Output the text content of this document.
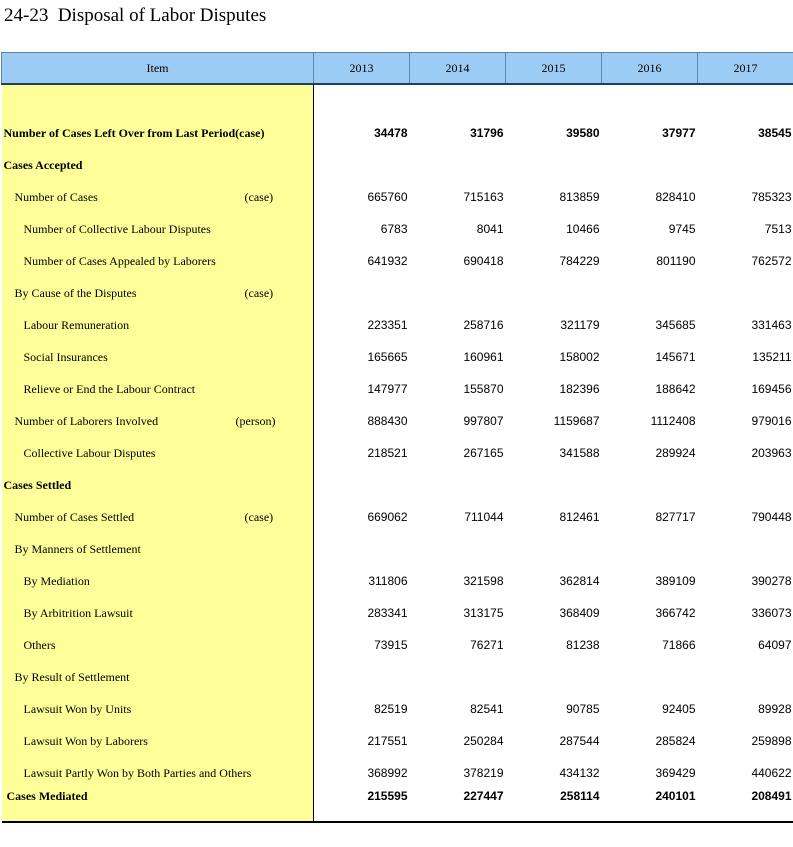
24-23  Disposal of Labor Disputes
Item	2013	2014	2015	2016	2017

Number of Cases Left Over from Last Period(case)	34478	31796	39580	37977	38545
Cases Accepted					
Number of Cases (case)	665760	715163	813859	828410	785323
Number of Collective Labour Disputes	6783	8041	10466	9745	7513
Number of Cases Appealed by Laborers	641932	690418	784229	801190	762572
By Cause of the Disputes (case)					

Labour Remuneration	223351	258716	321179	345685	331463
Social Insurances	165665	160961	158002	145671	135211
Relieve or End the Labour Contract	147977	155870	182396	188642	169456
Number of Laborers Involved (person)	888430	997807	1159687	1112408	979016
Collective Labour Disputes	218521	267165	341588	289924	203963
Cases Settled					
Number of Cases Settled (case)	669062	711044	812461	827717	790448
By Manners of Settlement					
By Mediation	311806	321598	362814	389109	390278
By Arbitrition Lawsuit	283341	313175	368409	366742	336073
Others	73915	76271	81238	71866	64097
By Result of Settlement					
Lawsuit Won by Units	82519	82541	90785	92405	89928
Lawsuit Won by Laborers	217551	250284	287544	285824	259898
Lawsuit Partly Won by Both Parties and Others	368992	378219	434132	369429	440622
Cases Mediated	215595	227447	258114	240101	208491
